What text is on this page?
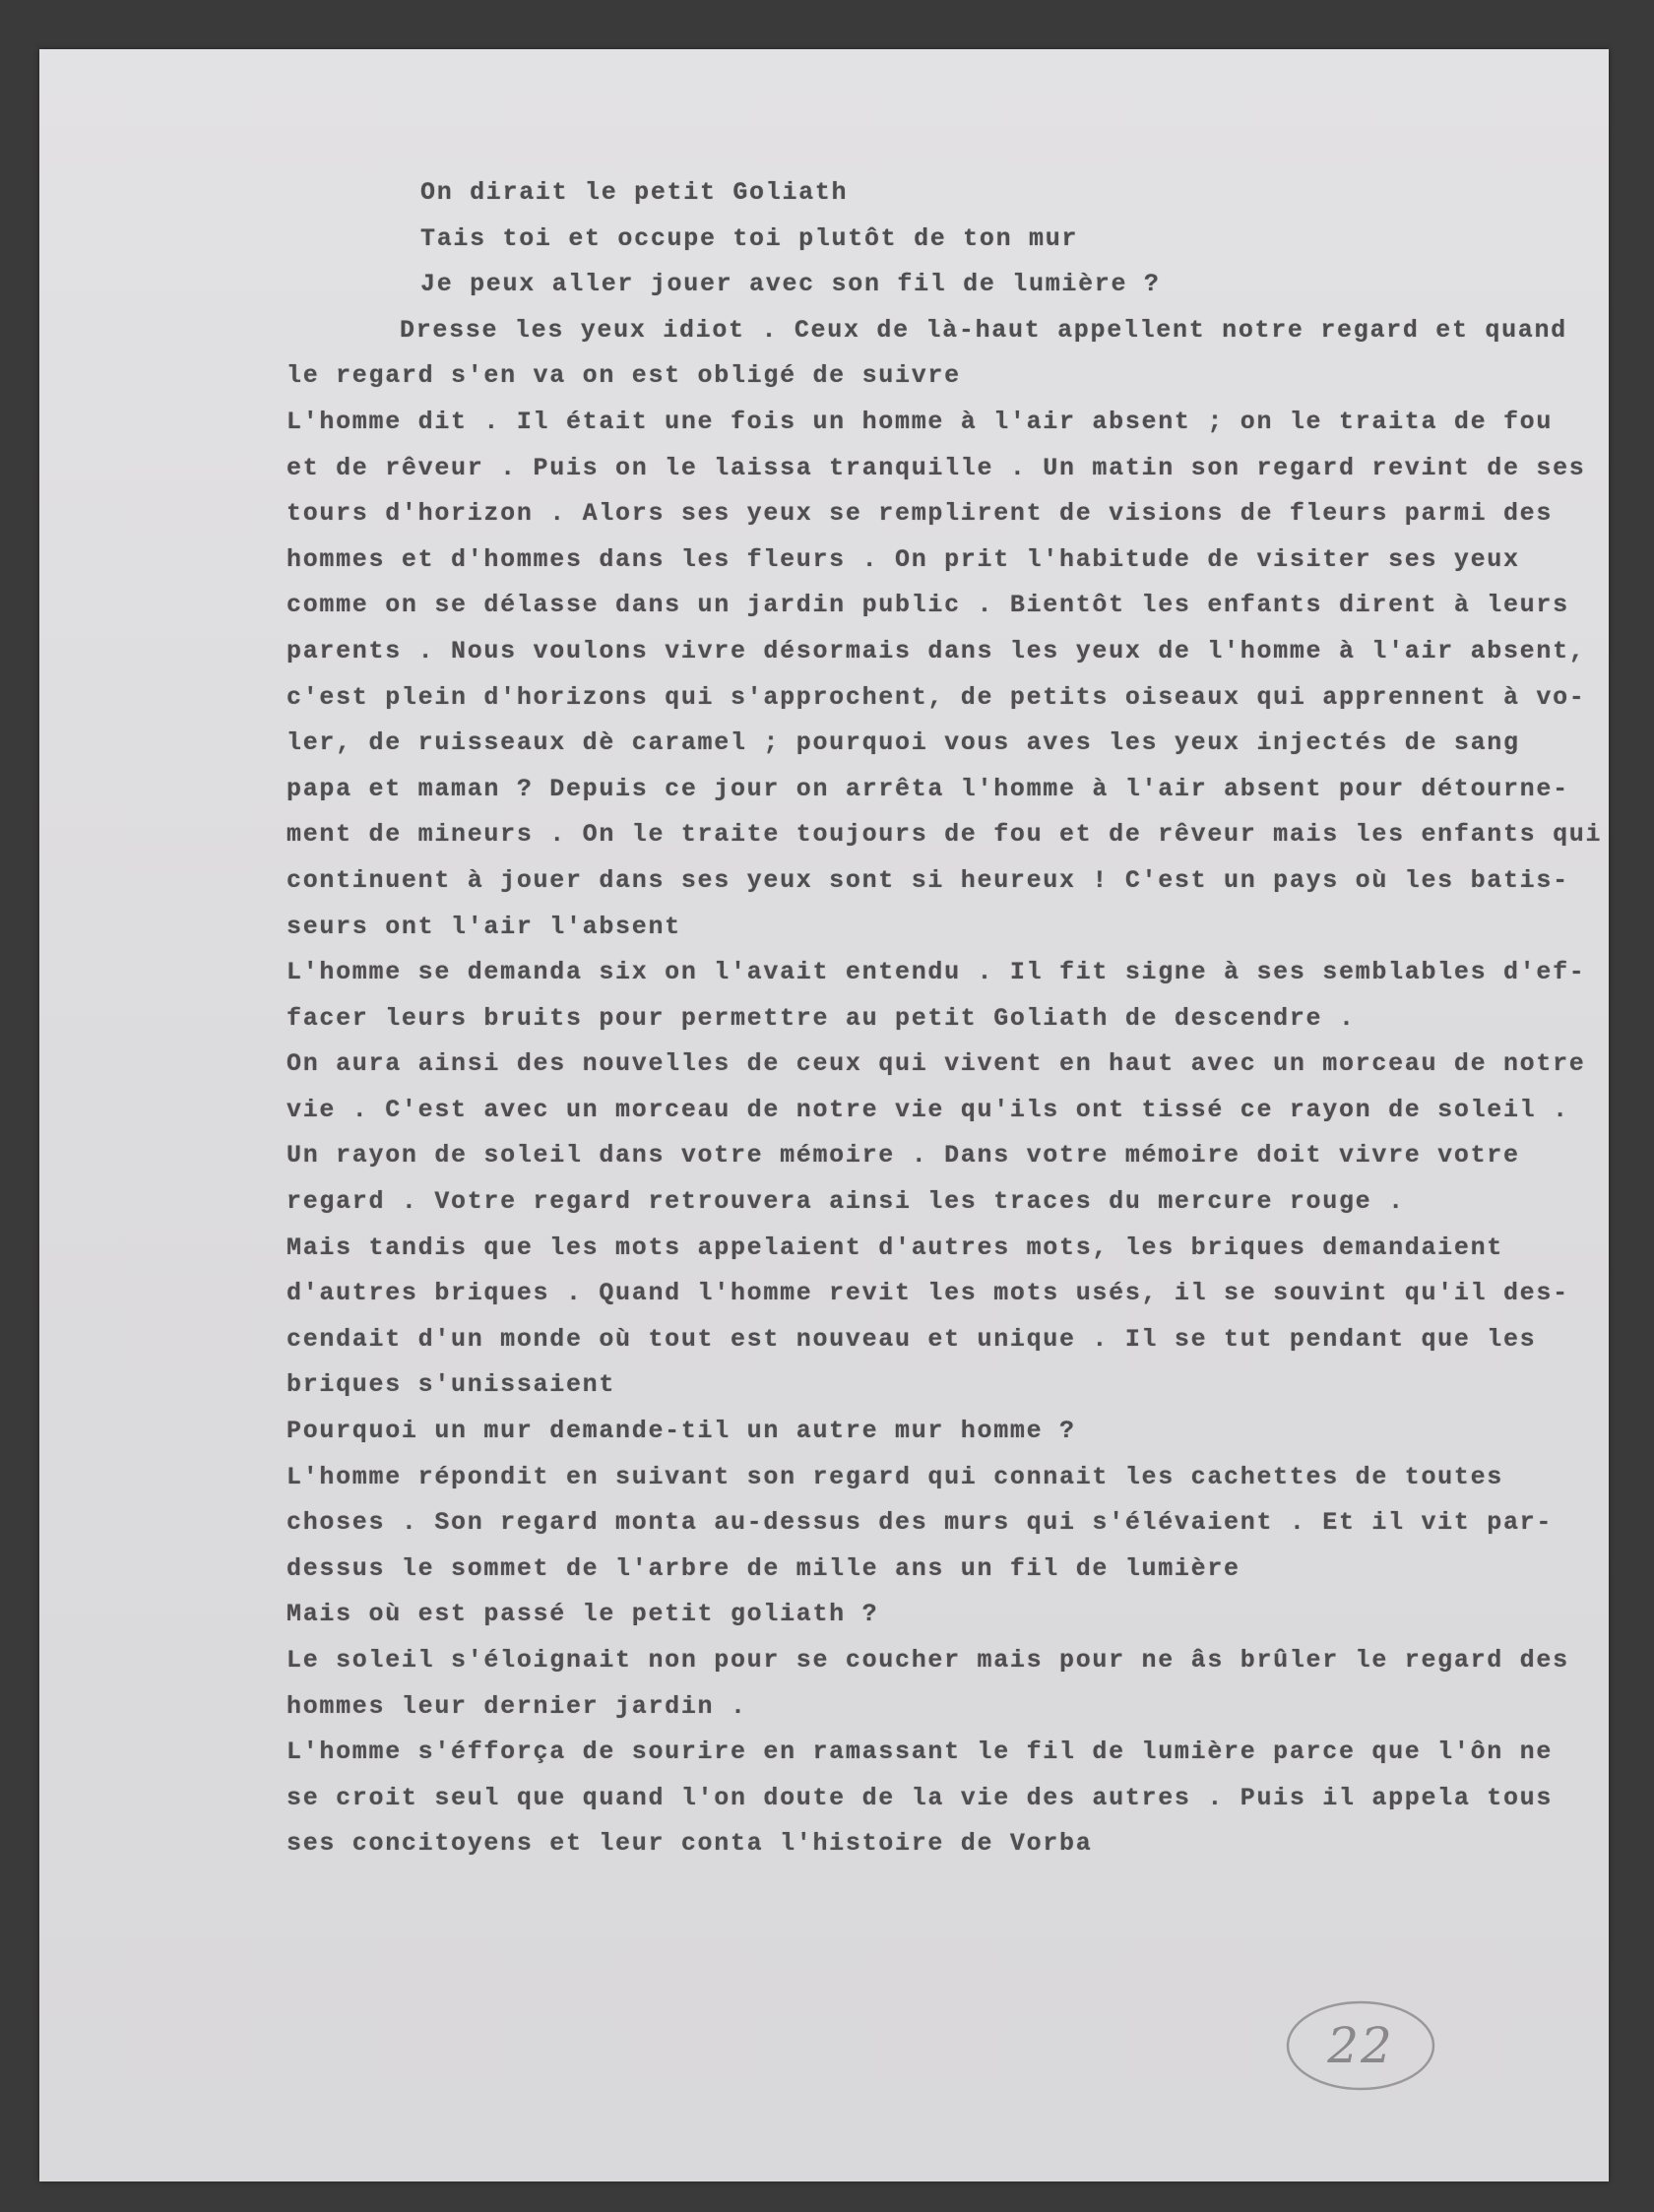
On dirait le petit Goliath
Tais toi et occupe toi plutôt de ton mur
Je peux aller jouer avec son fil de lumière ?
Dresse les yeux idiot . Ceux de là-haut appellent notre regard et quand
le regard s'en va on est obligé de suivre
L'homme dit . Il était une fois un homme à l'air absent ; on le traita de fou
et de rêveur . Puis on le laissa tranquille . Un matin son regard revint de ses
tours d'horizon . Alors ses yeux se remplirent de visions de fleurs parmi des
hommes et d'hommes dans les fleurs . On prit l'habitude de visiter ses yeux
comme on se délasse dans un jardin public . Bientôt les enfants dirent à leurs
parents . Nous voulons vivre désormais dans les yeux de l'homme à l'air absent,
c'est plein d'horizons qui s'approchent, de petits oiseaux qui apprennent à vo-
ler, de ruisseaux dè caramel ; pourquoi vous aves les yeux injectés de sang
papa et maman ? Depuis ce jour on arrêta l'homme à l'air absent pour détourne-
ment de mineurs . On le traite toujours de fou et de rêveur mais les enfants qui
continuent à jouer dans ses yeux sont si heureux ! C'est un pays où les batis-
seurs ont l'air l'absent
L'homme se demanda six on l'avait entendu . Il fit signe à ses semblables d'ef-
facer leurs bruits pour permettre au petit Goliath de descendre .
On aura ainsi des nouvelles de ceux qui vivent en haut avec un morceau de notre
vie . C'est avec un morceau de notre vie qu'ils ont tissé ce rayon de soleil .
Un rayon de soleil dans votre mémoire . Dans votre mémoire doit vivre votre
regard . Votre regard retrouvera ainsi les traces du mercure rouge .
Mais tandis que les mots appelaient d'autres mots, les briques demandaient
d'autres briques . Quand l'homme revit les mots usés, il se souvint qu'il des-
cendait d'un monde où tout est nouveau et unique . Il se tut pendant que les
briques s'unissaient
Pourquoi un mur demande-til un autre mur homme ?
L'homme répondit en suivant son regard qui connait les cachettes de toutes
choses . Son regard monta au-dessus des murs qui s'élévaient . Et il vit par-
dessus le sommet de l'arbre de mille ans un fil de lumière
Mais où est passé le petit goliath ?
Le soleil s'éloignait non pour se coucher mais pour ne âs brûler le regard des
hommes leur dernier jardin .
L'homme s'éfforça de sourire en ramassant le fil de lumière parce que l'ôn ne
se croit seul que quand l'on doute de la vie des autres . Puis il appela tous
ses concitoyens et leur conta l'histoire de Vorba
22
